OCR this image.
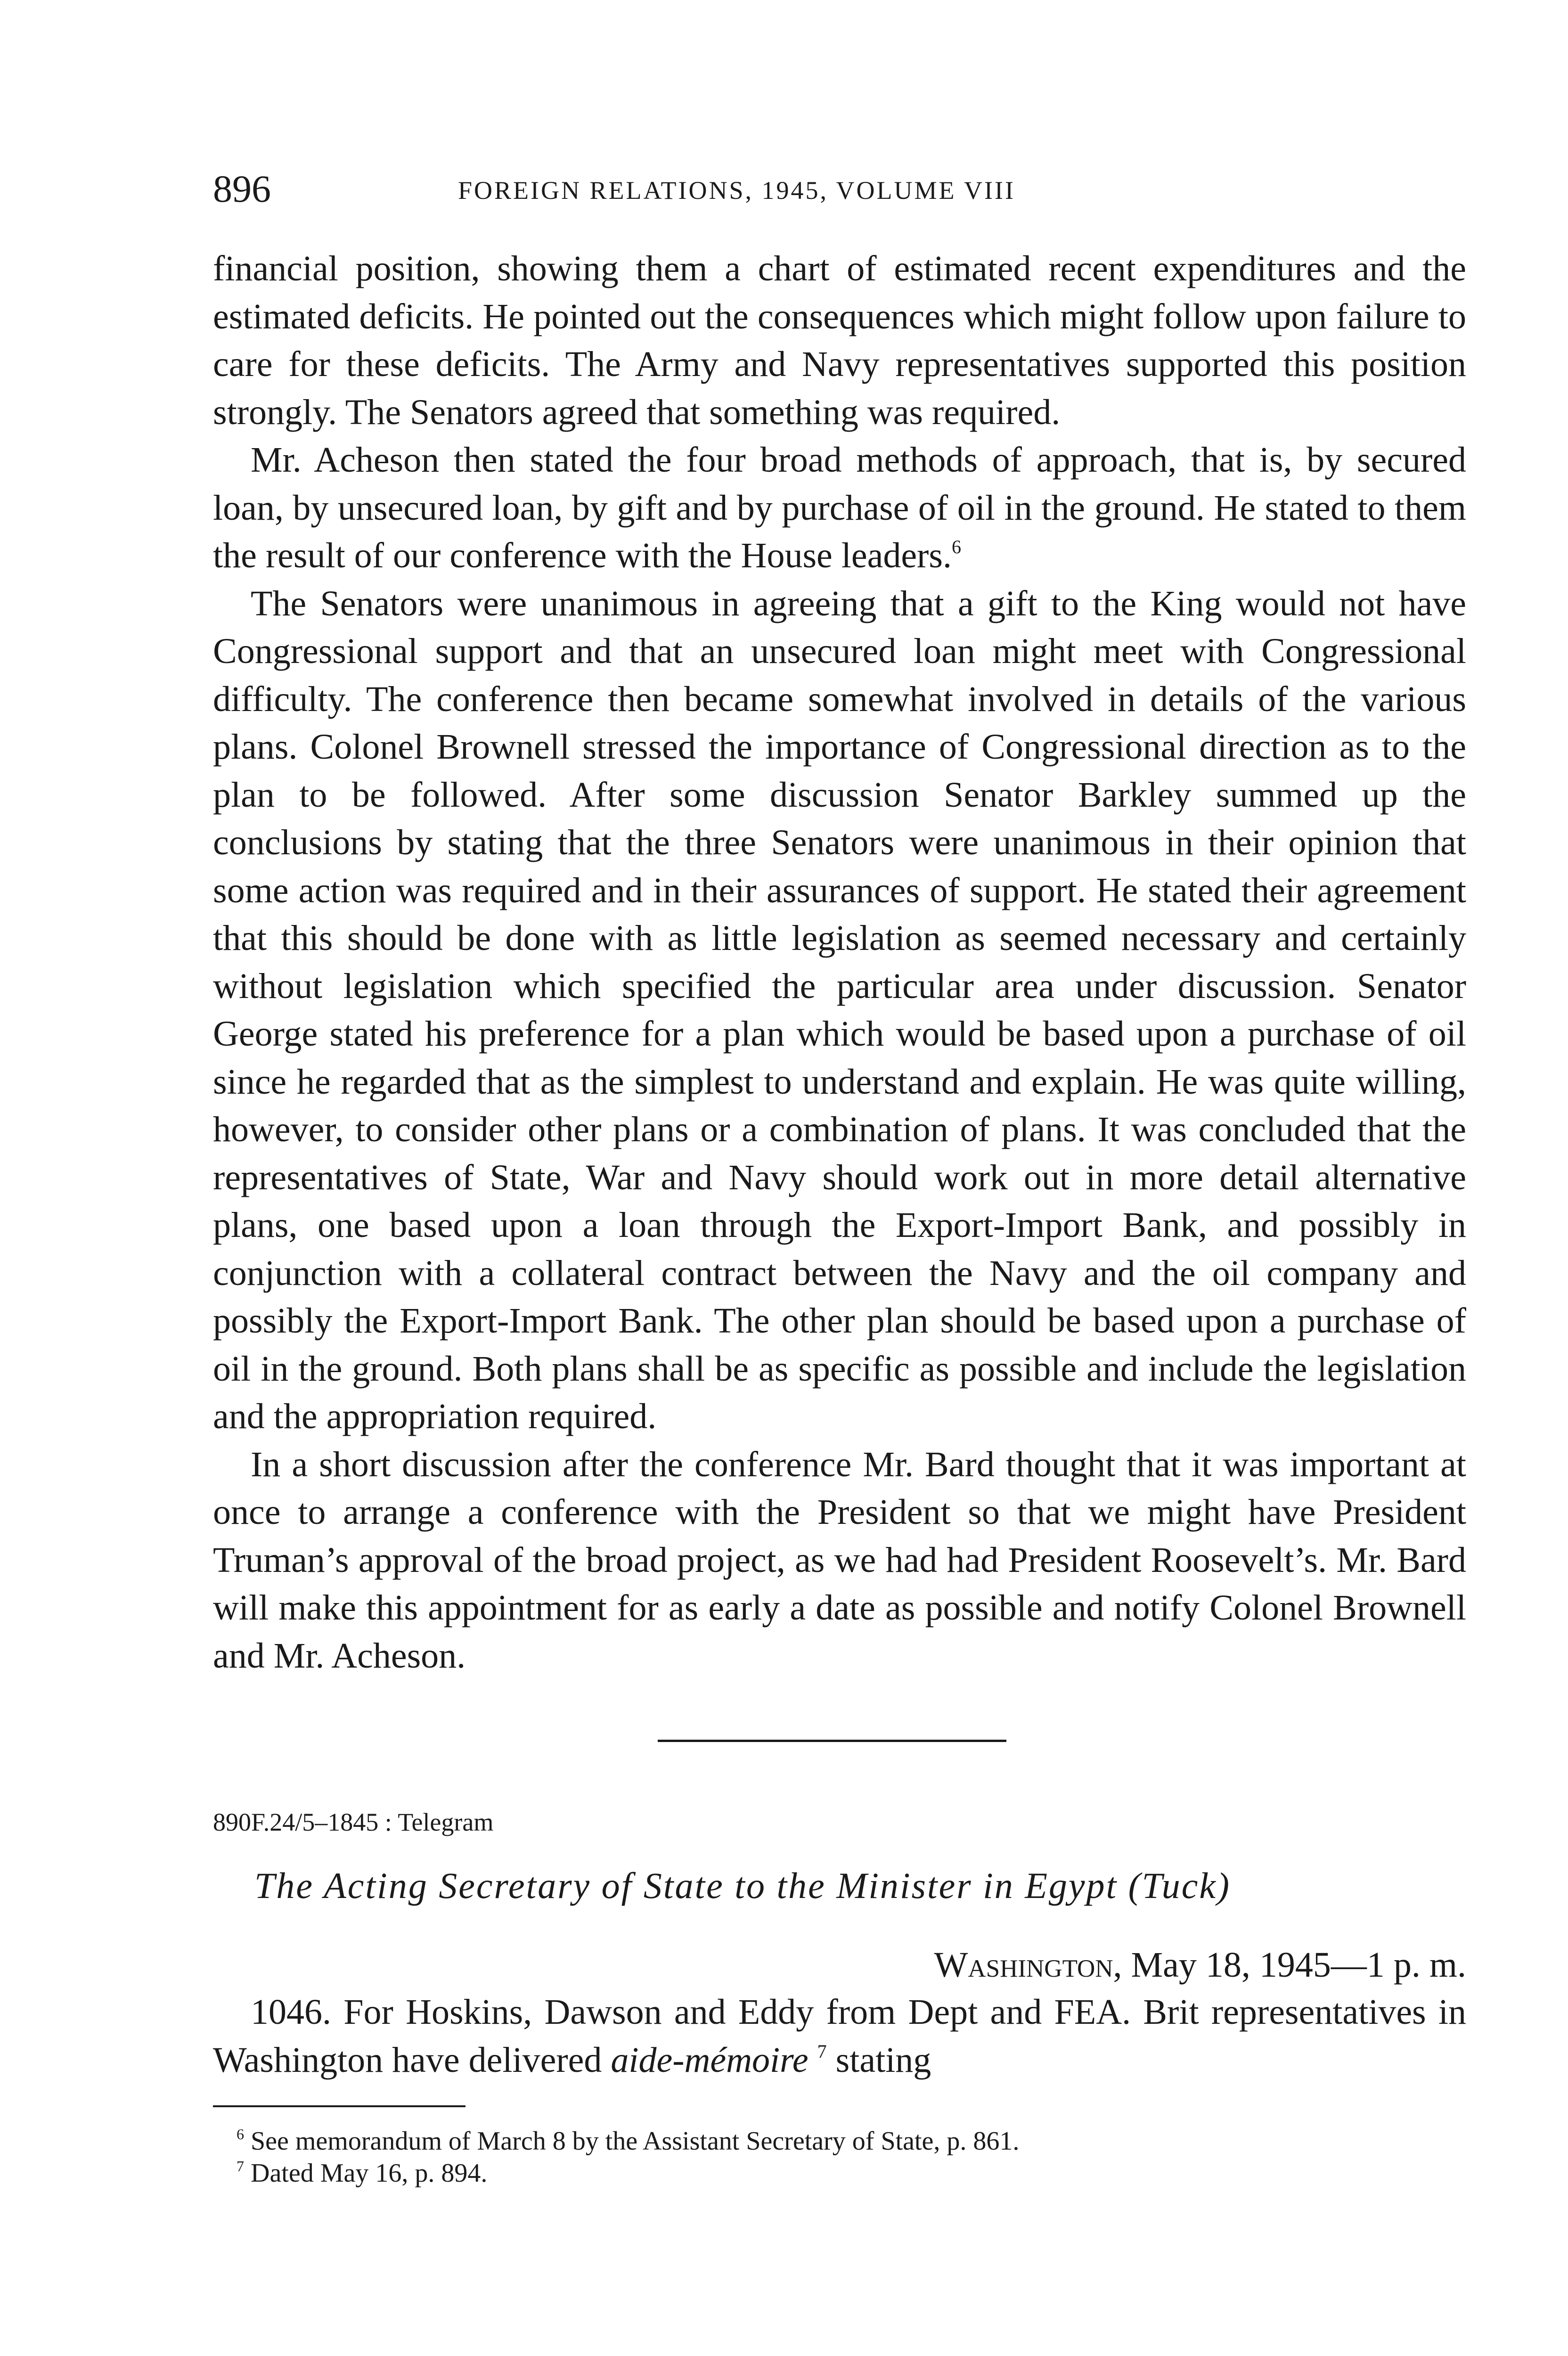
896	FOREIGN RELATIONS, 1945, VOLUME VIII

financial position, showing them a chart of estimated recent expenditures and the estimated deficits. He pointed out the consequences which might follow upon failure to care for these deficits. The Army and Navy representatives supported this position strongly. The Senators agreed that something was required.

Mr. Acheson then stated the four broad methods of approach, that is, by secured loan, by unsecured loan, by gift and by purchase of oil in the ground. He stated to them the result of our conference with the House leaders.$^6$

The Senators were unanimous in agreeing that a gift to the King would not have Congressional support and that an unsecured loan might meet with Congressional difficulty. The conference then became somewhat involved in details of the various plans. Colonel Brownell stressed the importance of Congressional direction as to the plan to be followed. After some discussion Senator Barkley summed up the conclusions by stating that the three Senators were unanimous in their opinion that some action was required and in their assurances of support. He stated their agreement that this should be done with as little legislation as seemed necessary and certainly without legislation which specified the particular area under discussion. Senator George stated his preference for a plan which would be based upon a purchase of oil since he regarded that as the simplest to understand and explain. He was quite willing, however, to consider other plans or a combination of plans. It was concluded that the representatives of State, War and Navy should work out in more detail alternative plans, one based upon a loan through the Export-Import Bank, and possibly in conjunction with a collateral contract between the Navy and the oil company and possibly the Export-Import Bank. The other plan should be based upon a purchase of oil in the ground. Both plans shall be as specific as possible and include the legislation and the appropriation required.

In a short discussion after the conference Mr. Bard thought that it was important at once to arrange a conference with the President so that we might have President Truman’s approval of the broad project, as we had had President Roosevelt’s. Mr. Bard will make this appointment for as early a date as possible and notify Colonel Brownell and Mr. Acheson.

890F.24/5–1845 : Telegram
The Acting Secretary of State to the Minister in Egypt (Tuck)
Washington, May 18, 1945—1 p. m.

1046. For Hoskins, Dawson and Eddy from Dept and FEA. Brit representatives in Washington have delivered aide-mémoire $^7$ stating

$^6$ See memorandum of March 8 by the Assistant Secretary of State, p. 861.

$^7$ Dated May 16, p. 894.
